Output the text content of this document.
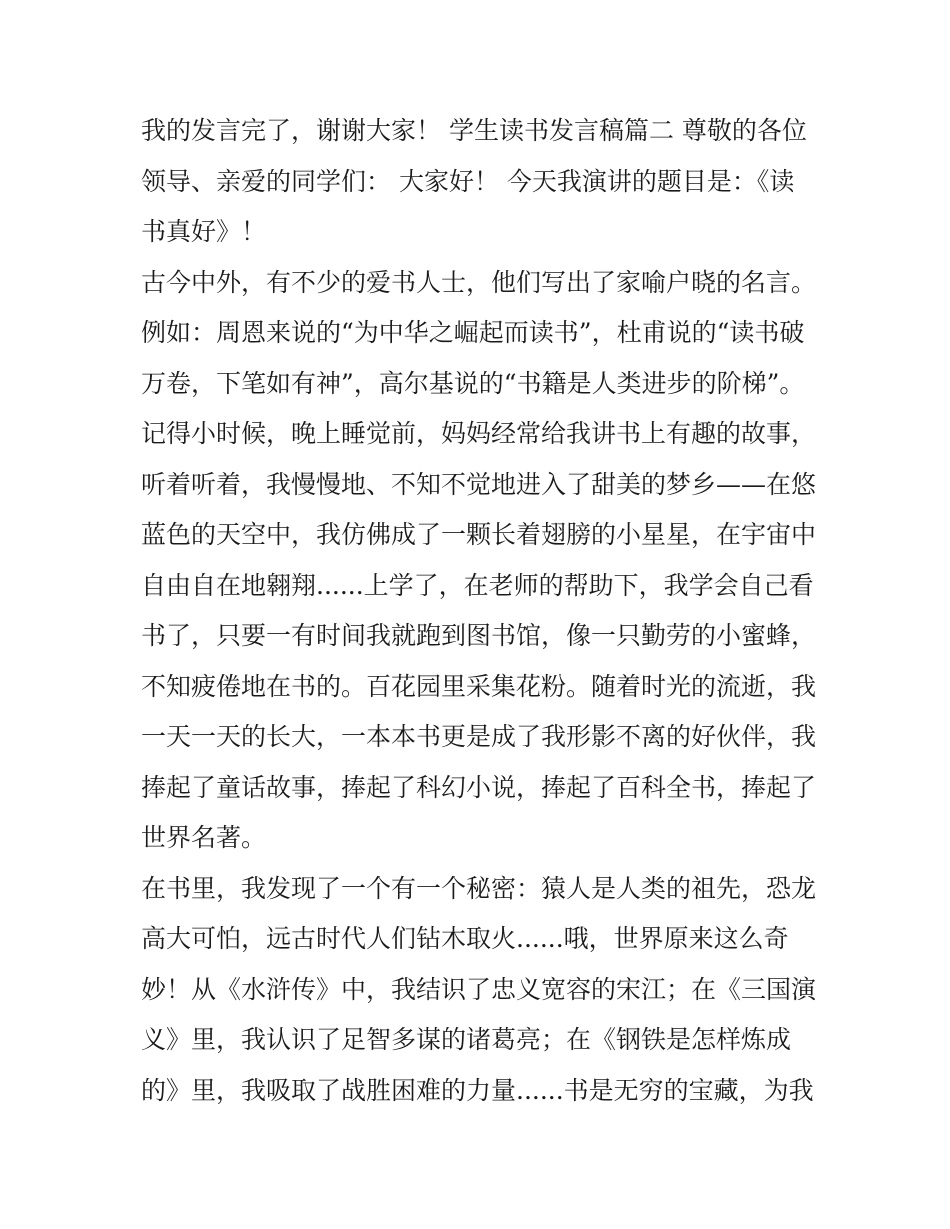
我的发言完了，谢谢大家！ 学生读书发言稿篇二 尊敬的各位
领导、亲爱的同学们： 大家好！ 今天我演讲的题目是：《读
书真好》！
古今中外，有不少的爱书人士，他们写出了家喻户晓的名言。
例如：周恩来说的“为中华之崛起而读书”，杜甫说的“读书破
万卷，下笔如有神”，高尔基说的“书籍是人类进步的阶梯”。
记得小时候，晚上睡觉前，妈妈经常给我讲书上有趣的故事，
听着听着，我慢慢地、不知不觉地进入了甜美的梦乡——在悠
蓝色的天空中，我仿佛成了一颗长着翅膀的小星星，在宇宙中
自由自在地翱翔......上学了，在老师的帮助下，我学会自己看
书了，只要一有时间我就跑到图书馆，像一只勤劳的小蜜蜂，
不知疲倦地在书的。百花园里采集花粉。随着时光的流逝，我
一天一天的长大，一本本书更是成了我形影不离的好伙伴，我
捧起了童话故事，捧起了科幻小说，捧起了百科全书，捧起了
世界名著。
在书里，我发现了一个有一个秘密：猿人是人类的祖先，恐龙
高大可怕，远古时代人们钻木取火......哦，世界原来这么奇
妙！从《水浒传》中，我结识了忠义宽容的宋江；在《三国演
义》里，我认识了足智多谋的诸葛亮；在《钢铁是怎样炼成
的》里，我吸取了战胜困难的力量......书是无穷的宝藏，为我
